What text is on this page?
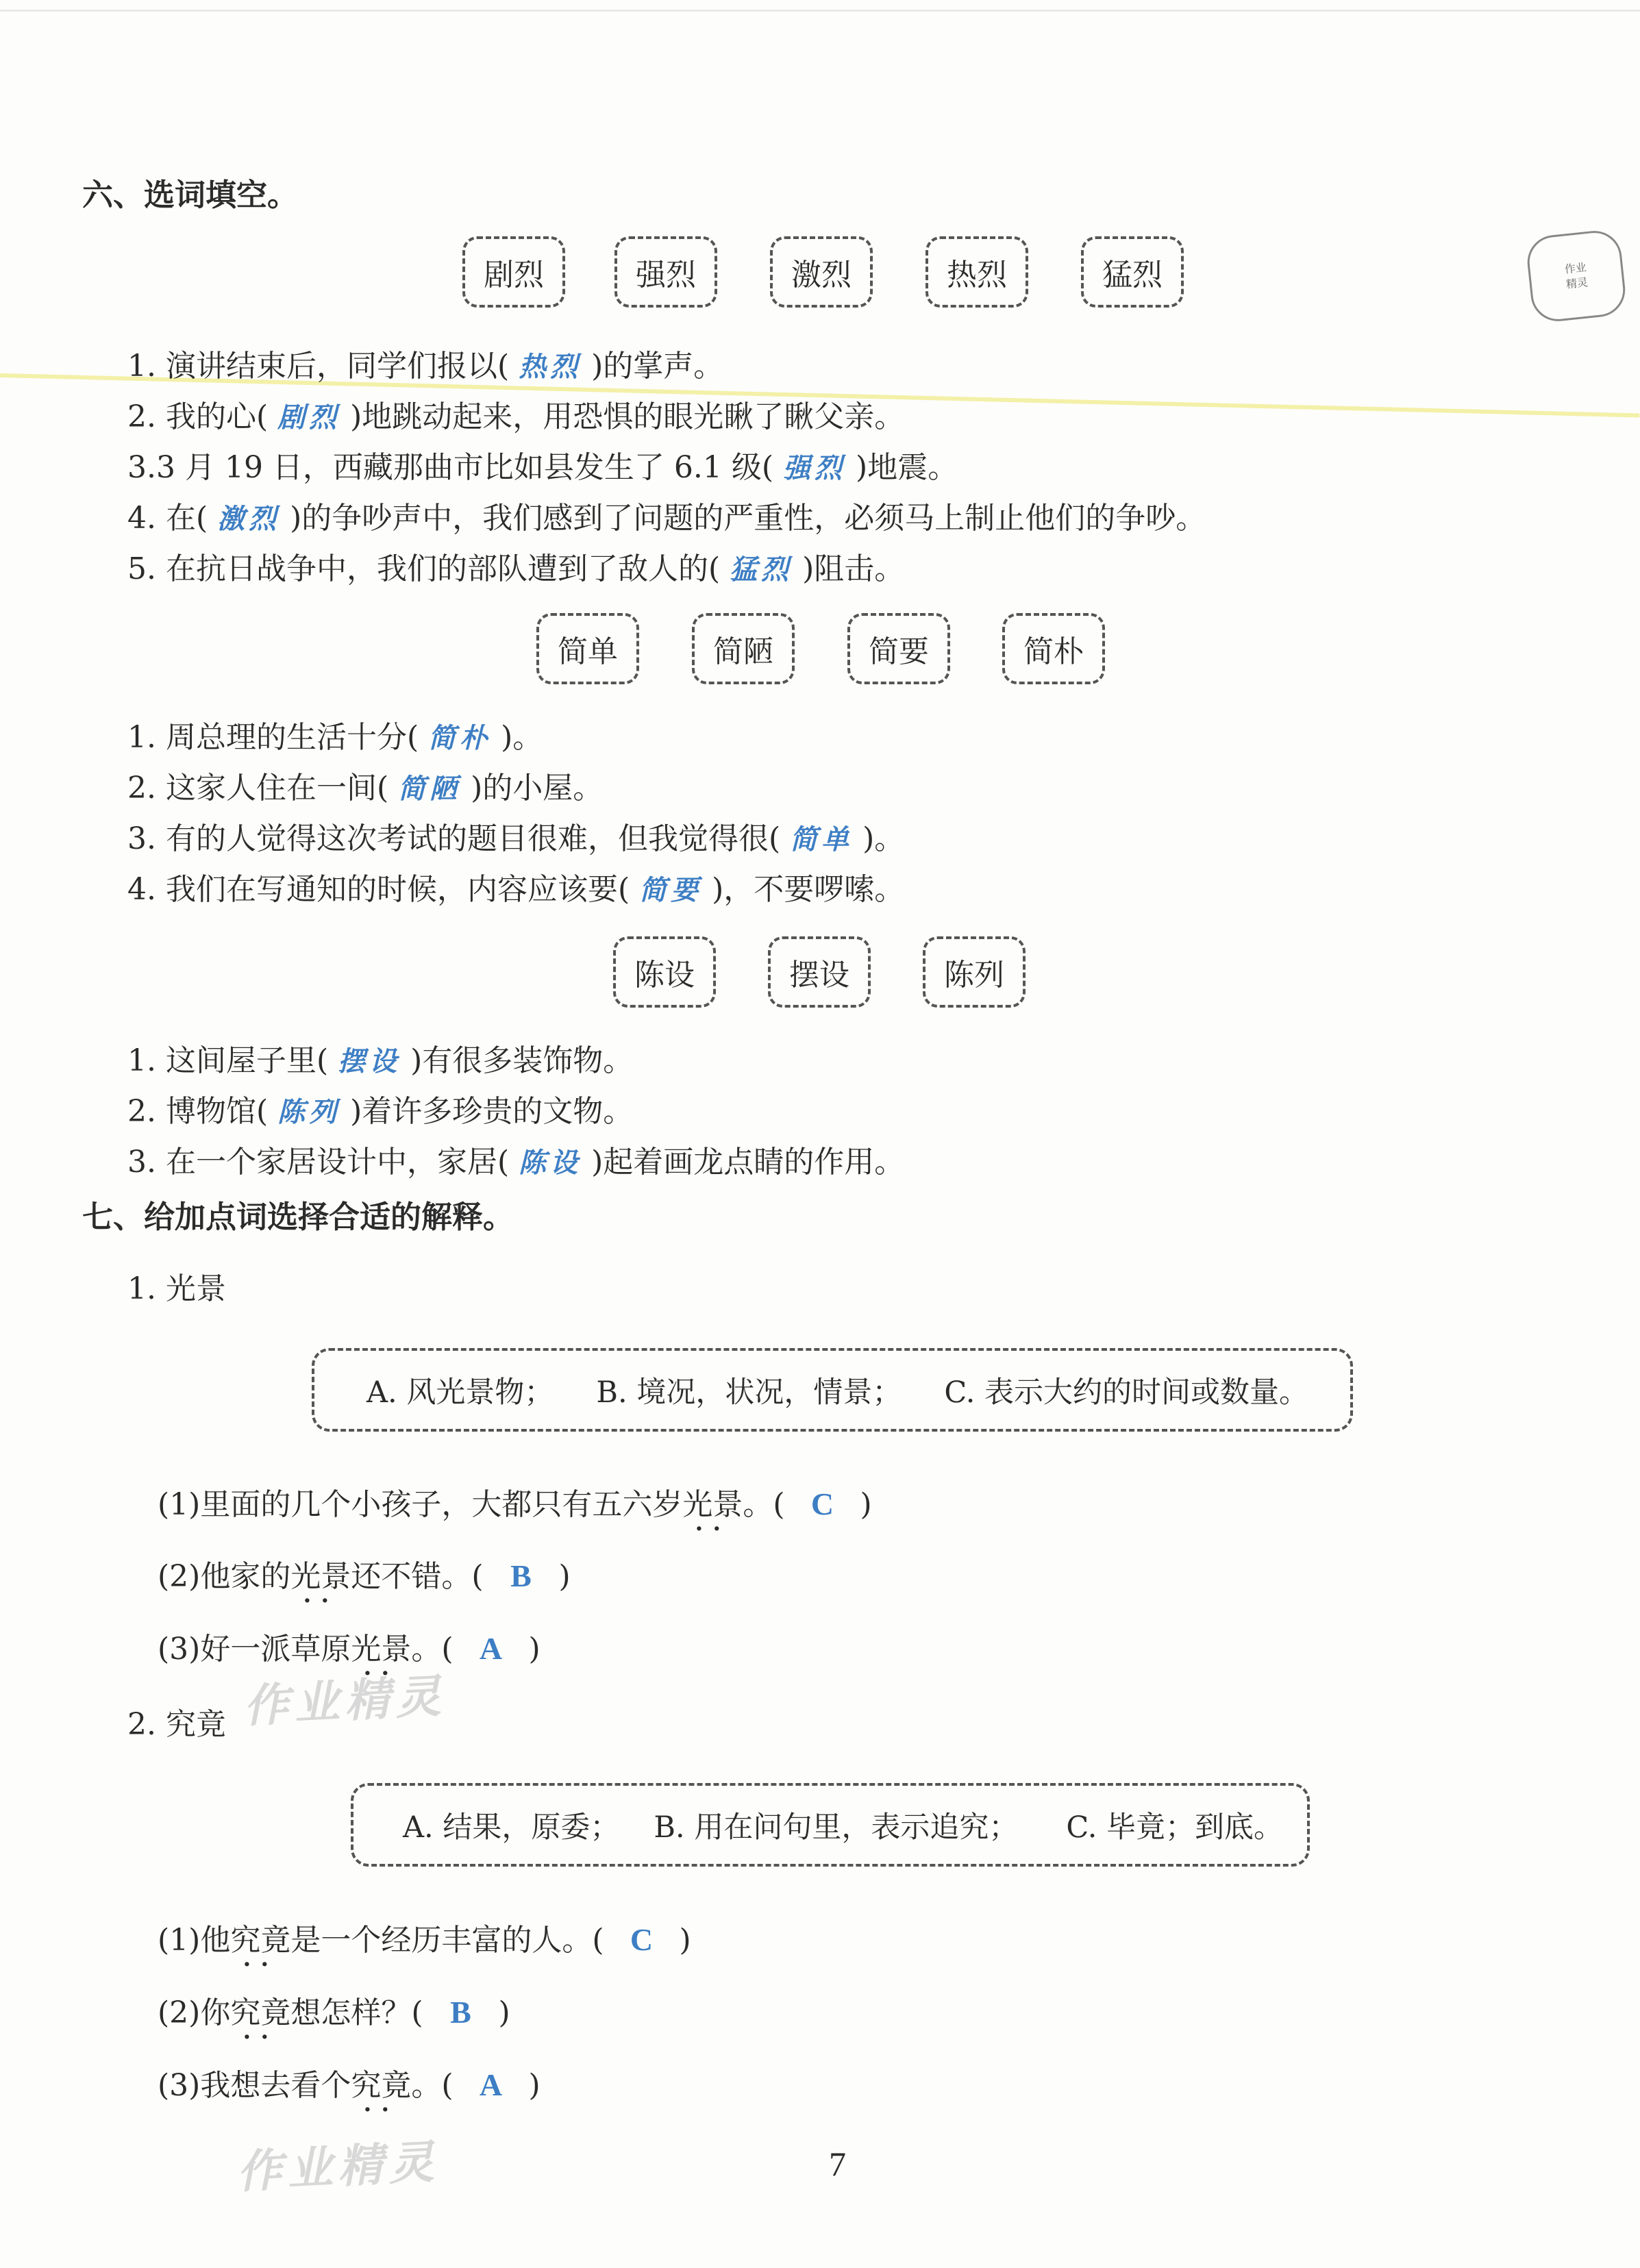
六、选词填空。
作业
精灵
剧烈	强烈	激烈	热烈	猛烈
1. 演讲结束后，同学们报以( 热烈 )的掌声。
2. 我的心( 剧烈 )地跳动起来，用恐惧的眼光瞅了瞅父亲。
3.3 月 19 日，西藏那曲市比如县发生了 6.1 级( 强烈 )地震。
4. 在( 激烈 )的争吵声中，我们感到了问题的严重性，必须马上制止他们的争吵。
5. 在抗日战争中，我们的部队遭到了敌人的( 猛烈 )阻击。
简单	简陋	简要	简朴
1. 周总理的生活十分( 简朴 )。
2. 这家人住在一间( 简陋 )的小屋。
3. 有的人觉得这次考试的题目很难，但我觉得很( 简单 )。
4. 我们在写通知的时候，内容应该要( 简要 )，不要啰嗦。
陈设	摆设	陈列
1. 这间屋子里( 摆设 )有很多装饰物。
2. 博物馆( 陈列 )着许多珍贵的文物。
3. 在一个家居设计中，家居( 陈设 )起着画龙点睛的作用。
七、给加点词选择合适的解释。
1. 光景
A. 风光景物； B. 境况，状况，情景； C. 表示大约的时间或数量。
(1)里面的几个小孩子，大都只有五六岁光景 ··。( C )
(2)他家的光景 ··还不错。( B )
(3)好一派草原光景 ··。( A )
作业精灵
2. 究竟
A. 结果，原委； B. 用在问句里，表示追究； C. 毕竟；到底。
(1)他究竟 ··是一个经历丰富的人。( C )
(2)你究竟 ··想怎样？( B )
(3)我想去看个究竟 ··。( A )
作业精灵	7
